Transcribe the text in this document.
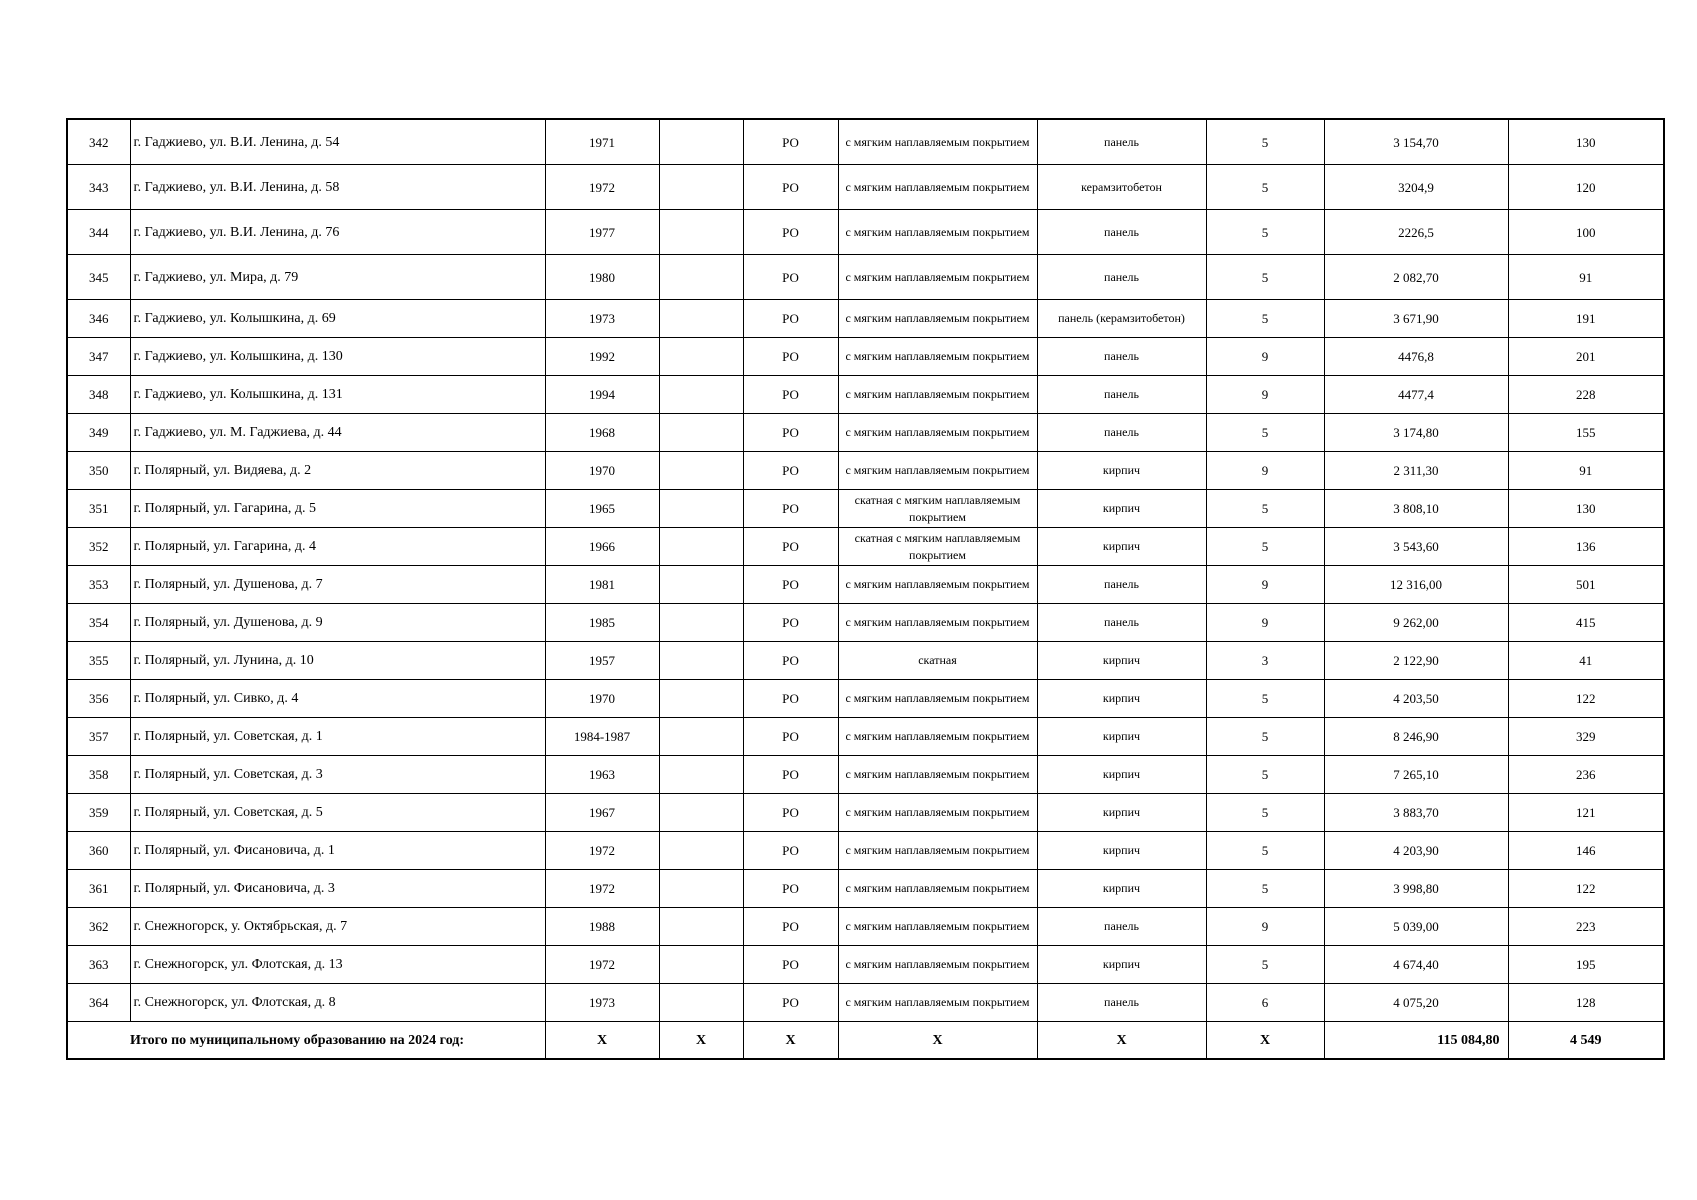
342	г. Гаджиево, ул. В.И. Ленина, д. 54	1971		РО	с мягким наплавляемым покрытием	панель	5	3 154,70	130
343	г. Гаджиево, ул. В.И. Ленина, д. 58	1972		РО	с мягким наплавляемым покрытием	керамзитобетон	5	3204,9	120
344	г. Гаджиево, ул. В.И. Ленина, д. 76	1977		РО	с мягким наплавляемым покрытием	панель	5	2226,5	100
345	г. Гаджиево, ул. Мира, д. 79	1980		РО	с мягким наплавляемым покрытием	панель	5	2 082,70	91
346	г. Гаджиево, ул. Колышкина, д. 69	1973		РО	с мягким наплавляемым покрытием	панель (керамзитобетон)	5	3 671,90	191
347	г. Гаджиево, ул. Колышкина, д. 130	1992		РО	с мягким наплавляемым покрытием	панель	9	4476,8	201
348	г. Гаджиево, ул. Колышкина, д. 131	1994		РО	с мягким наплавляемым покрытием	панель	9	4477,4	228
349	г. Гаджиево, ул. М. Гаджиева, д. 44	1968		РО	с мягким наплавляемым покрытием	панель	5	3 174,80	155
350	г. Полярный, ул. Видяева, д. 2	1970		РО	с мягким наплавляемым покрытием	кирпич	9	2 311,30	91
351	г. Полярный, ул. Гагарина, д. 5	1965		РО	скатная с мягким наплавляемым покрытием	кирпич	5	3 808,10	130
352	г. Полярный, ул. Гагарина, д. 4	1966		РО	скатная с мягким наплавляемым покрытием	кирпич	5	3 543,60	136
353	г. Полярный, ул. Душенова, д. 7	1981		РО	с мягким наплавляемым покрытием	панель	9	12 316,00	501
354	г. Полярный, ул. Душенова, д. 9	1985		РО	с мягким наплавляемым покрытием	панель	9	9 262,00	415
355	г. Полярный, ул. Лунина, д. 10	1957		РО	скатная	кирпич	3	2 122,90	41
356	г. Полярный, ул. Сивко, д. 4	1970		РО	с мягким наплавляемым покрытием	кирпич	5	4 203,50	122
357	г. Полярный, ул. Советская, д. 1	1984-1987		РО	с мягким наплавляемым покрытием	кирпич	5	8 246,90	329
358	г. Полярный, ул. Советская, д. 3	1963		РО	с мягким наплавляемым покрытием	кирпич	5	7 265,10	236
359	г. Полярный, ул. Советская, д. 5	1967		РО	с мягким наплавляемым покрытием	кирпич	5	3 883,70	121
360	г. Полярный, ул. Фисановича, д. 1	1972		РО	с мягким наплавляемым покрытием	кирпич	5	4 203,90	146
361	г. Полярный, ул. Фисановича, д. 3	1972		РО	с мягким наплавляемым покрытием	кирпич	5	3 998,80	122
362	г. Снежногорск, у. Октябрьская, д. 7	1988		РО	с мягким наплавляемым покрытием	панель	9	5 039,00	223
363	г. Снежногорск, ул. Флотская, д. 13	1972		РО	с мягким наплавляемым покрытием	кирпич	5	4 674,40	195
364	г. Снежногорск, ул. Флотская, д. 8	1973		РО	с мягким наплавляемым покрытием	панель	6	4 075,20	128
Итого по муниципальному образованию на 2024 год:		X	X	X	X	X	X	115 084,80	4 549
